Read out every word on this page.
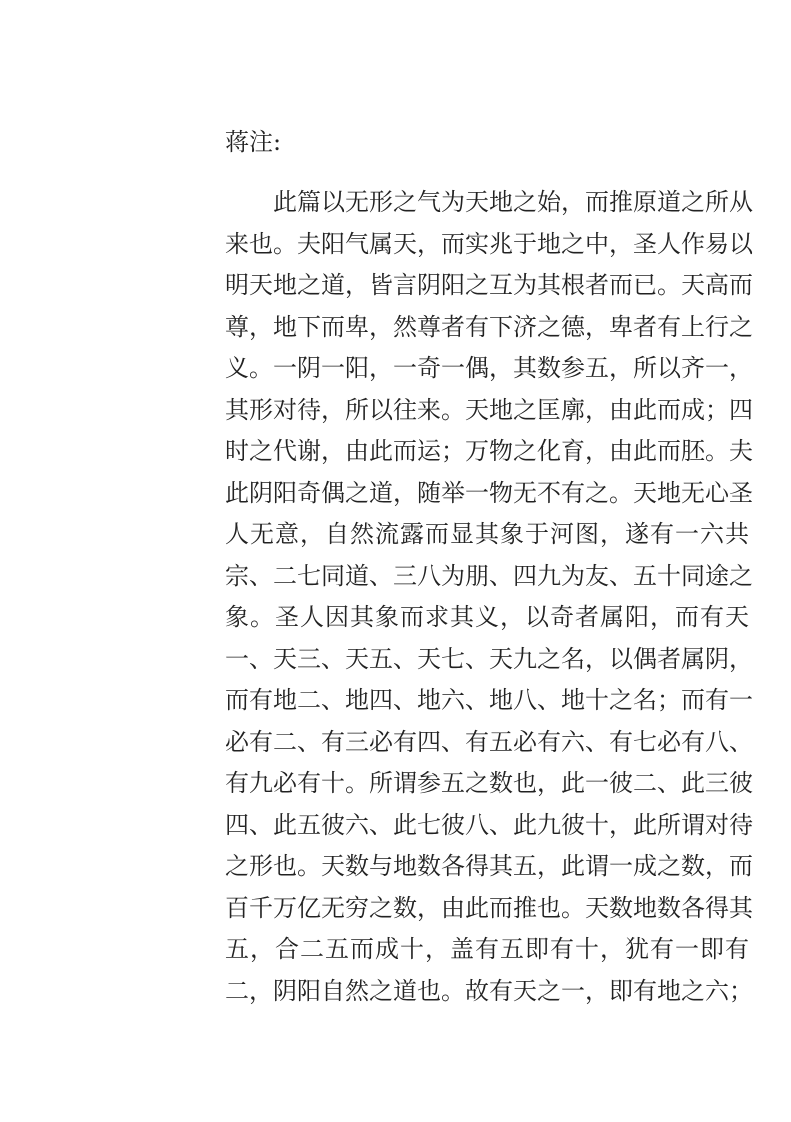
蒋注:
此篇以无形之气为天地之始，而推原道之所从
来也。夫阳气属天，而实兆于地之中，圣人作易以
明天地之道，皆言阴阳之互为其根者而已。天高而
尊，地下而卑，然尊者有下济之德，卑者有上行之
义。一阴一阳，一奇一偶，其数参五，所以齐一，
其形对待，所以往来。天地之匡廓，由此而成；四
时之代谢，由此而运；万物之化育，由此而胚。夫
此阴阳奇偶之道，随举一物无不有之。天地无心圣
人无意，自然流露而显其象于河图，遂有一六共
宗、二七同道、三八为朋、四九为友、五十同途之
象。圣人因其象而求其义，以奇者属阳，而有天
一、天三、天五、天七、天九之名，以偶者属阴，
而有地二、地四、地六、地八、地十之名；而有一
必有二、有三必有四、有五必有六、有七必有八、
有九必有十。所谓参五之数也，此一彼二、此三彼
四、此五彼六、此七彼八、此九彼十，此所谓对待
之形也。天数与地数各得其五，此谓一成之数，而
百千万亿无穷之数，由此而推也。天数地数各得其
五，合二五而成十，盖有五即有十，犹有一即有
二，阴阳自然之道也。故有天之一，即有地之六；
